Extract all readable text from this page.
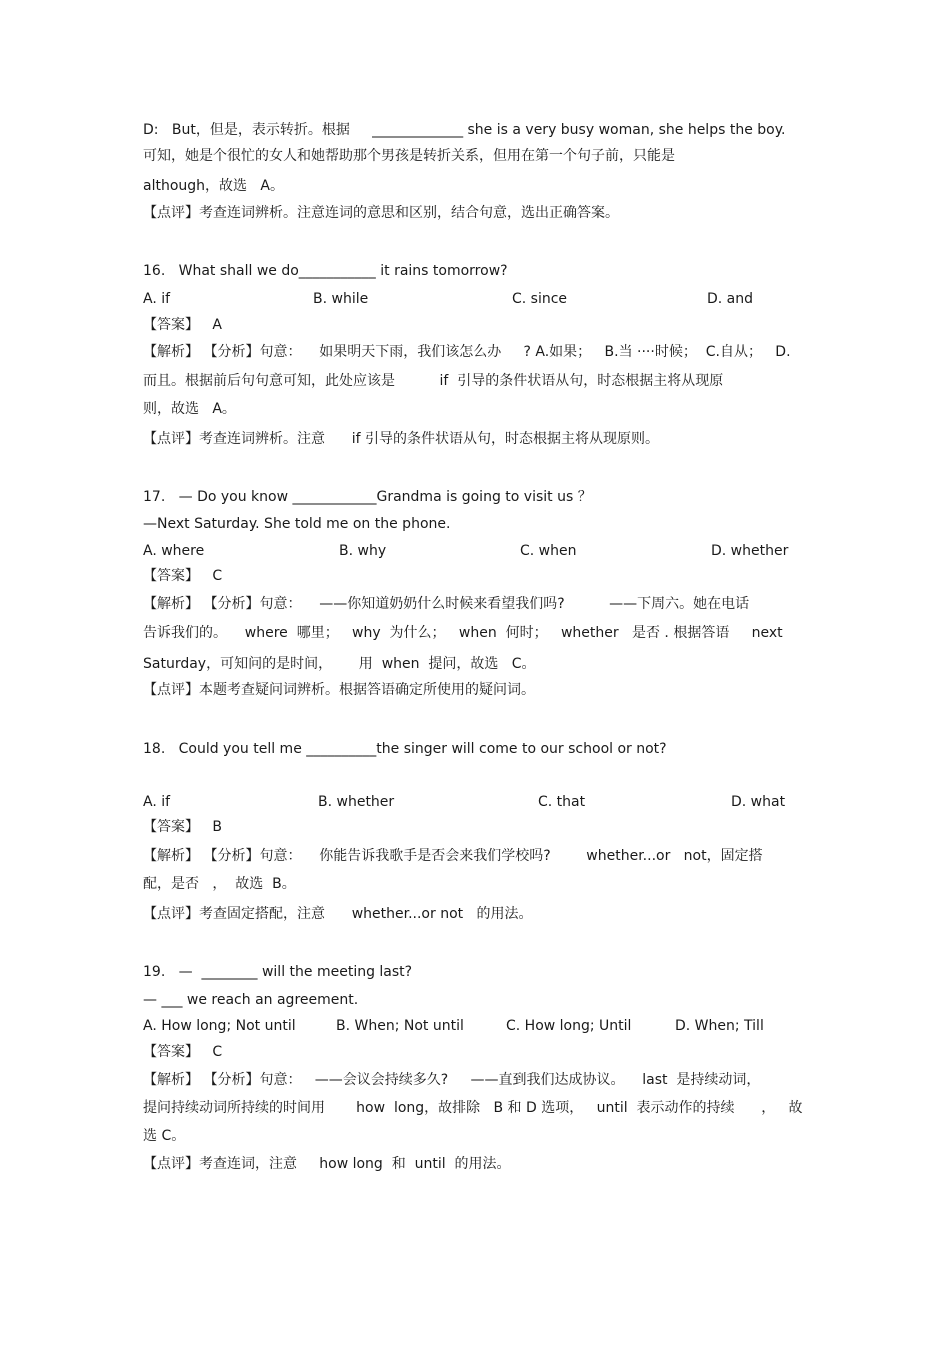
D:   But，但是，表示转折。根据     _____________ she is a very busy woman, she helps the boy.
可知，她是个很忙的女人和她帮助那个男孩是转折关系，但用在第一个句子前，只能是
although，故选   A。
【点评】考查连词辨析。注意连词的意思和区别，结合句意，选出正确答案。
16.   What shall we do___________ it rains tomorrow?
A. if	B. while	C. since	D. and
【答案】   A
【解析】 【分析】句意：    如果明天下雨，我们该怎么办     ? A.如果；   B.当 ····时候；  C.自从；   D.
而且。根据前后句句意可知，此处应该是          if  引导的条件状语从句，时态根据主将从现原
则，故选   A。
【点评】考查连词辨析。注意      if 引导的条件状语从句，时态根据主将从现原则。
17.   — Do you know ____________Grandma is going to visit us ？
—Next Saturday. She told me on the phone.
A. where	B. why	C. when	D. whether
【答案】   C
【解析】 【分析】句意：    ——你知道奶奶什么时候来看望我们吗?          ——下周六。她在电话
告诉我们的。    where  哪里；   why  为什么；   when  何时；   whether   是否 . 根据答语     next
Saturday，可知问的是时间，      用  when  提问，故选   C。
【点评】本题考查疑问词辨析。根据答语确定所使用的疑问词。
18.   Could you tell me __________the singer will come to our school or not?
A. if	B. whether	C. that	D. what
【答案】   B
【解析】 【分析】句意：    你能告诉我歌手是否会来我们学校吗?        whether...or   not，固定搭
配，是否   ，  故选  B。
【点评】考查固定搭配，注意      whether...or not   的用法。
19.   —  ________ will the meeting last?
— ___ we reach an agreement.
A. How long; Not until	B. When; Not until	C. How long; Until	D. When; Till
【答案】   C
【解析】 【分析】句意：   ——会议会持续多久?     ——直到我们达成协议。    last  是持续动词，
提问持续动词所持续的时间用       how  long，故排除   B 和 D 选项，   until  表示动作的持续      ，   故
选 C。
【点评】考查连词，注意     how long  和  until  的用法。
